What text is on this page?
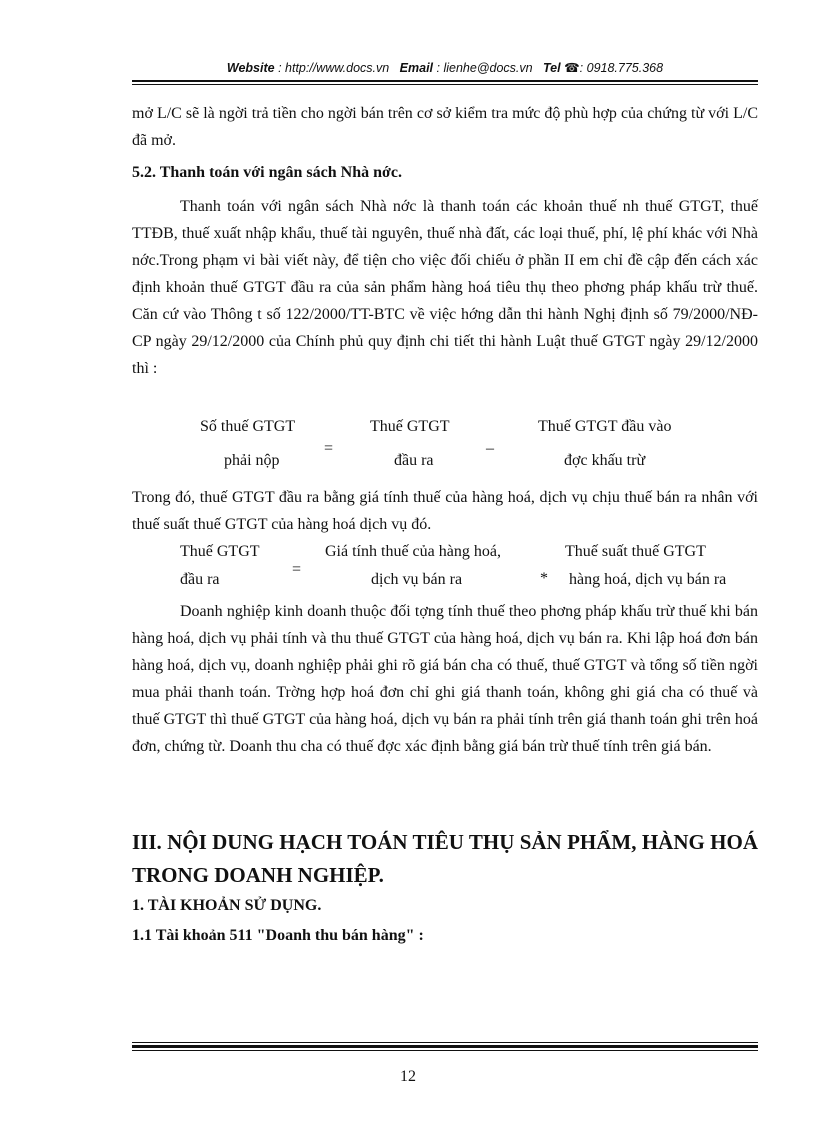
Website : http://www.docs.vn Email : lienhe@docs.vn Tel ☎: 0918.775.368
mở L/C sẽ là ngời trả tiền cho ngời bán trên cơ sở kiểm tra mức độ phù hợp của chứng từ với L/C đã mở.
5.2. Thanh toán với ngân sách Nhà nớc.
Thanh toán với ngân sách Nhà nớc là thanh toán các khoản thuế nh thuế GTGT, thuế TTĐB, thuế xuất nhập khẩu, thuế tài nguyên, thuế nhà đất, các loại thuế, phí, lệ phí khác với Nhà nớc.Trong phạm vi bài viết này, để tiện cho việc đối chiếu ở phần II em chỉ đề cập đến cách xác định khoản thuế GTGT đầu ra của sản phẩm hàng hoá tiêu thụ theo phơng pháp khấu trừ thuế. Căn cứ vào Thông t số 122/2000/TT-BTC về việc hớng dẫn thi hành Nghị định số 79/2000/NĐ-CP ngày 29/12/2000 của Chính phủ quy định chi tiết thi hành Luật thuế GTGT ngày 29/12/2000 thì :
Số thuế GTGT
phải nộp
=
Thuế GTGT
đầu ra
–
Thuế GTGT đầu vào
đợc khấu trừ
Trong đó, thuế GTGT đầu ra bằng giá tính thuế của hàng hoá, dịch vụ chịu thuế bán ra nhân với thuế suất thuế GTGT của hàng hoá dịch vụ đó.
Thuế GTGT
đầu ra
=
Giá tính thuế của hàng hoá,
dịch vụ bán ra	*
Thuế suất thuế GTGT
hàng hoá, dịch vụ bán ra
Doanh nghiệp kinh doanh thuộc đối tợng tính thuế theo phơng pháp khấu trừ thuế khi bán hàng hoá, dịch vụ phải tính và thu thuế GTGT của hàng hoá, dịch vụ bán ra. Khi lập hoá đơn bán hàng hoá, dịch vụ, doanh nghiệp phải ghi rõ giá bán cha có thuế, thuế GTGT và tổng số tiền ngời mua phải thanh toán. Trờng hợp hoá đơn chỉ ghi giá thanh toán, không ghi giá cha có thuế và thuế GTGT thì thuế GTGT của hàng hoá, dịch vụ bán ra phải tính trên giá thanh toán ghi trên hoá đơn, chứng từ. Doanh thu cha có thuế đợc xác định bằng giá bán trừ thuế tính trên giá bán.
III. NỘI DUNG HẠCH TOÁN TIÊU THỤ SẢN PHẨM, HÀNG HOÁ TRONG DOANH NGHIỆP.
1. TÀI KHOẢN SỬ DỤNG.
1.1 Tài khoản 511 "Doanh thu bán hàng" :
12
